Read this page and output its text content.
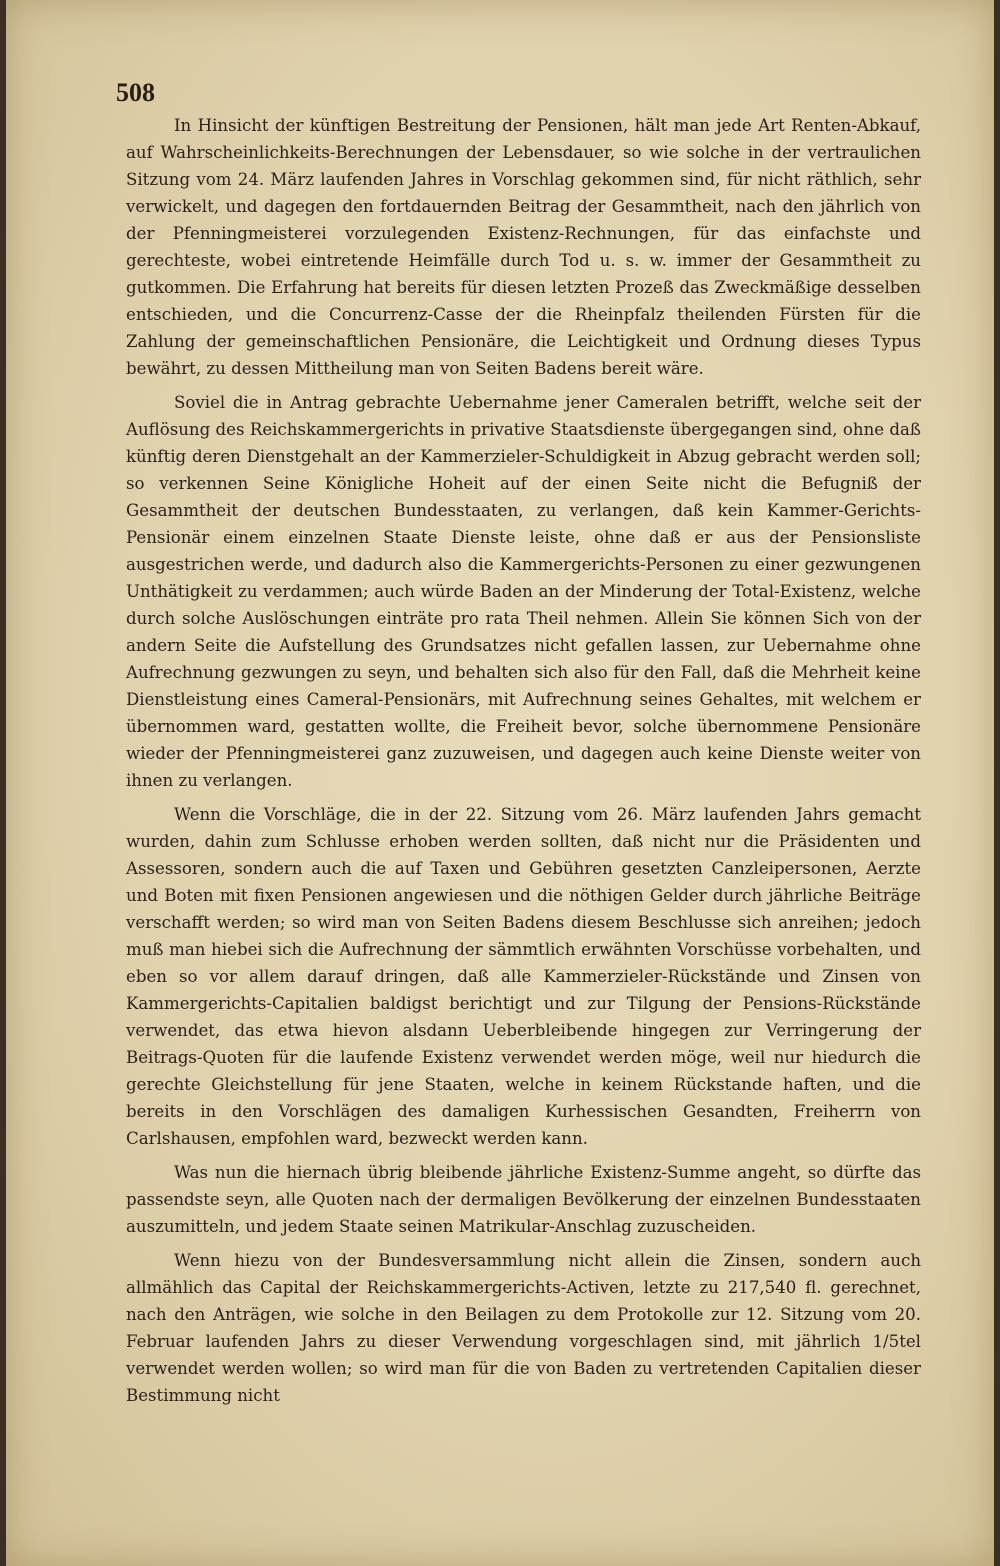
508

In Hinsicht der künftigen Bestreitung der Pensionen, hält man jede Art Renten-Abkauf, auf Wahrscheinlichkeits-Berechnungen der Lebensdauer, so wie solche in der vertraulichen Sitzung vom 24. März laufenden Jahres in Vorschlag gekommen sind, für nicht räthlich, sehr verwickelt, und dagegen den fortdauernden Beitrag der Gesammtheit, nach den jährlich von der Pfenningmeisterei vorzulegenden Existenz-Rechnungen, für das einfachste und gerechteste, wobei eintretende Heimfälle durch Tod u. s. w. immer der Gesammtheit zu gutkommen. Die Erfahrung hat bereits für diesen letzten Prozeß das Zweckmäßige desselben entschieden, und die Concurrenz-Casse der die Rheinpfalz theilenden Fürsten für die Zahlung der gemeinschaftlichen Pensionäre, die Leichtigkeit und Ordnung dieses Typus bewährt, zu dessen Mittheilung man von Seiten Badens bereit wäre.

Soviel die in Antrag gebrachte Uebernahme jener Cameralen betrifft, welche seit der Auflösung des Reichskammergerichts in privative Staatsdienste übergegangen sind, ohne daß künftig deren Dienstgehalt an der Kammerzieler-Schuldigkeit in Abzug gebracht werden soll; so verkennen Seine Königliche Hoheit auf der einen Seite nicht die Befugniß der Gesammtheit der deutschen Bundesstaaten, zu verlangen, daß kein Kammer-Gerichts-Pensionär einem einzelnen Staate Dienste leiste, ohne daß er aus der Pensionsliste ausgestrichen werde, und dadurch also die Kammergerichts-Personen zu einer gezwungenen Unthätigkeit zu verdammen; auch würde Baden an der Minderung der Total-Existenz, welche durch solche Auslöschungen einträte pro rata Theil nehmen. Allein Sie können Sich von der andern Seite die Aufstellung des Grundsatzes nicht gefallen lassen, zur Uebernahme ohne Aufrechnung gezwungen zu seyn, und behalten sich also für den Fall, daß die Mehrheit keine Dienstleistung eines Cameral-Pensionärs, mit Aufrechnung seines Gehaltes, mit welchem er übernommen ward, gestatten wollte, die Freiheit bevor, solche übernommene Pensionäre wieder der Pfenningmeisterei ganz zuzuweisen, und dagegen auch keine Dienste weiter von ihnen zu verlangen.

Wenn die Vorschläge, die in der 22. Sitzung vom 26. März laufenden Jahrs gemacht wurden, dahin zum Schlusse erhoben werden sollten, daß nicht nur die Präsidenten und Assessoren, sondern auch die auf Taxen und Gebühren gesetzten Canzleipersonen, Aerzte und Boten mit fixen Pensionen angewiesen und die nöthigen Gelder durch jährliche Beiträge verschafft werden; so wird man von Seiten Badens diesem Beschlusse sich anreihen; jedoch muß man hiebei sich die Aufrechnung der sämmtlich erwähnten Vorschüsse vorbehalten, und eben so vor allem darauf dringen, daß alle Kammerzieler-Rückstände und Zinsen von Kammergerichts-Capitalien baldigst berichtigt und zur Tilgung der Pensions-Rückstände verwendet, das etwa hievon alsdann Ueberbleibende hingegen zur Verringerung der Beitrags-Quoten für die laufende Existenz verwendet werden möge, weil nur hiedurch die gerechte Gleichstellung für jene Staaten, welche in keinem Rückstande haften, und die bereits in den Vorschlägen des damaligen Kurhessischen Gesandten, Freiherrn von Carlshausen, empfohlen ward, bezweckt werden kann.

Was nun die hiernach übrig bleibende jährliche Existenz-Summe angeht, so dürfte das passendste seyn, alle Quoten nach der dermaligen Bevölkerung der einzelnen Bundesstaaten auszumitteln, und jedem Staate seinen Matrikular-Anschlag zuzuscheiden.

Wenn hiezu von der Bundesversammlung nicht allein die Zinsen, sondern auch allmählich das Capital der Reichskammergerichts-Activen, letzte zu 217,540 fl. gerechnet, nach den Anträgen, wie solche in den Beilagen zu dem Protokolle zur 12. Sitzung vom 20. Februar laufenden Jahrs zu dieser Verwendung vorgeschlagen sind, mit jährlich 1/5tel verwendet werden wollen; so wird man für die von Baden zu vertretenden Capitalien dieser Bestimmung nicht
